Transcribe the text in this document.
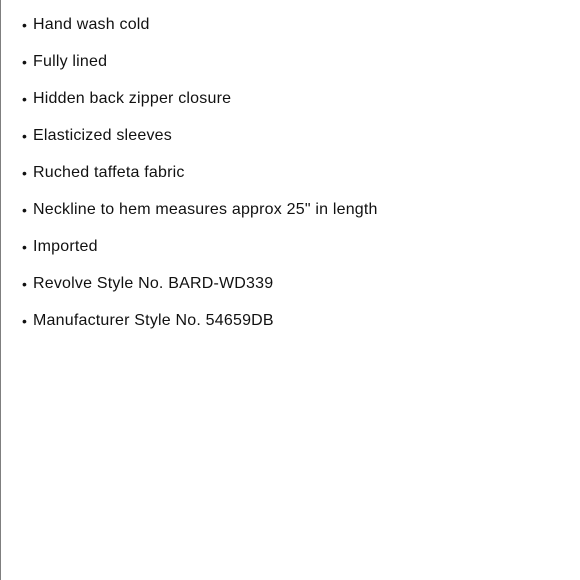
• Hand wash cold
• Fully lined
• Hidden back zipper closure
• Elasticized sleeves
• Ruched taffeta fabric
• Neckline to hem measures approx 25" in length
• Imported
• Revolve Style No. BARD-WD339
• Manufacturer Style No. 54659DB
